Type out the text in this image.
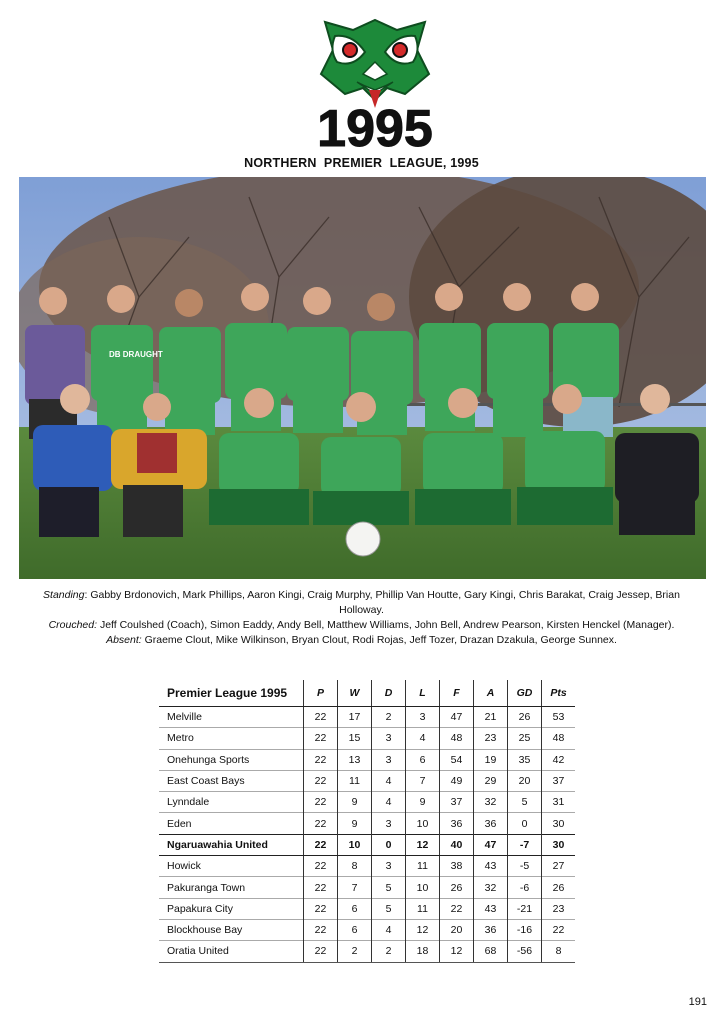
1995
NORTHERN  PREMIER  LEAGUE, 1995
DB DRAUGHT
Standing: Gabby Brdonovich, Mark Phillips, Aaron Kingi, Craig Murphy, Phillip Van Houtte, Gary Kingi, Chris Barakat, Craig Jessep, Brian Holloway.
Crouched: Jeff Coulshed (Coach), Simon Eaddy, Andy Bell, Matthew Williams, John Bell, Andrew Pearson, Kirsten Henckel (Manager).
Absent: Graeme Clout, Mike Wilkinson, Bryan Clout, Rodi Rojas, Jeff Tozer, Drazan Dzakula, George Sunnex.
Premier League 1995	P	W	D	L	F	A	GD	Pts
Melville	22	17	2	3	47	21	26	53
Metro	22	15	3	4	48	23	25	48
Onehunga Sports	22	13	3	6	54	19	35	42
East Coast Bays	22	11	4	7	49	29	20	37
Lynndale	22	9	4	9	37	32	5	31
Eden	22	9	3	10	36	36	0	30
Ngaruawahia United	22	10	0	12	40	47	-7	30
Howick	22	8	3	11	38	43	-5	27
Pakuranga Town	22	7	5	10	26	32	-6	26
Papakura City	22	6	5	11	22	43	-21	23
Blockhouse Bay	22	6	4	12	20	36	-16	22
Oratia United	22	2	2	18	12	68	-56	8
191
